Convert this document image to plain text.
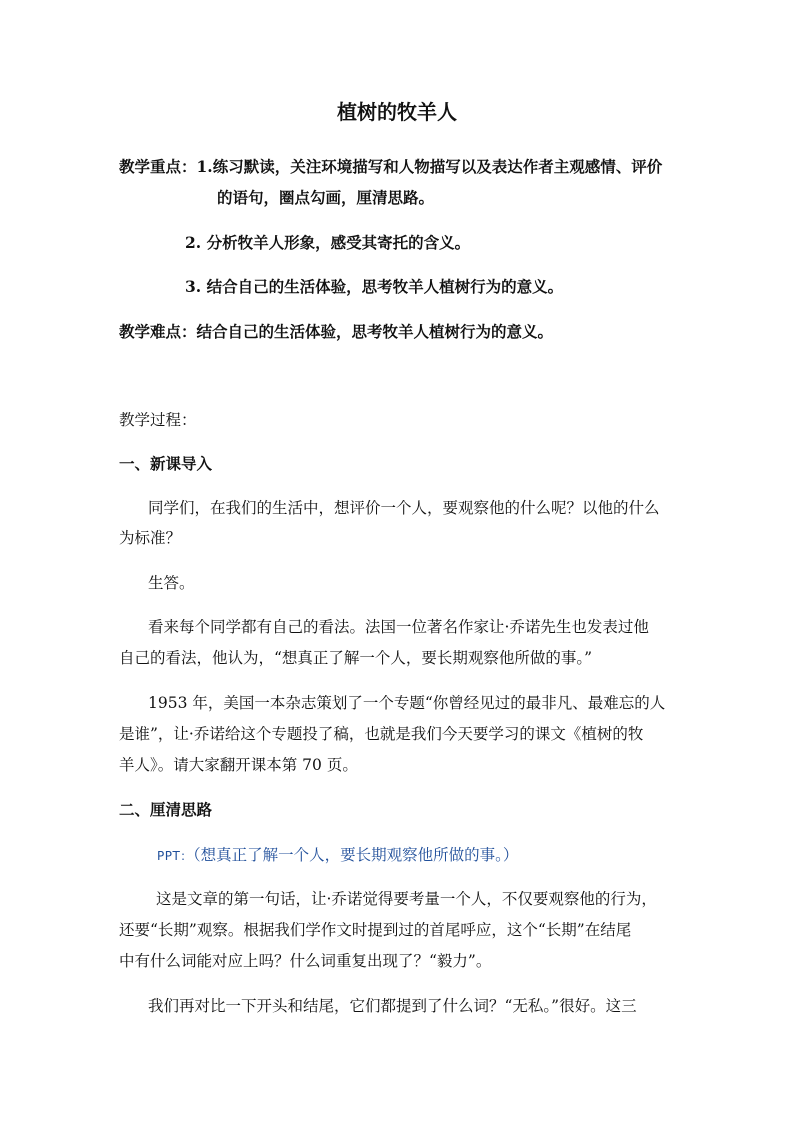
植树的牧羊人
教学重点：1.练习默读，关注环境描写和人物描写以及表达作者主观感情、评价
的语句，圈点勾画，厘清思路。
2. 分析牧羊人形象，感受其寄托的含义。
3. 结合自己的生活体验，思考牧羊人植树行为的意义。
教学难点：结合自己的生活体验，思考牧羊人植树行为的意义。
教学过程：
一、新课导入
同学们，在我们的生活中，想评价一个人，要观察他的什么呢？以他的什么
为标准？
生答。
看来每个同学都有自己的看法。法国一位著名作家让·乔诺先生也发表过他
自己的看法，他认为，“想真正了解一个人，要长期观察他所做的事。”
1953 年，美国一本杂志策划了一个专题“你曾经见过的最非凡、最难忘的人
是谁”，让·乔诺给这个专题投了稿，也就是我们今天要学习的课文《植树的牧
羊人》。请大家翻开课本第 70 页。
二、厘清思路
PPT：（想真正了解一个人，要长期观察他所做的事。）
这是文章的第一句话，让·乔诺觉得要考量一个人，不仅要观察他的行为，
还要“长期”观察。根据我们学作文时提到过的首尾呼应，这个“长期”在结尾
中有什么词能对应上吗？什么词重复出现了？“毅力”。
我们再对比一下开头和结尾，它们都提到了什么词？“无私。”很好。这三
